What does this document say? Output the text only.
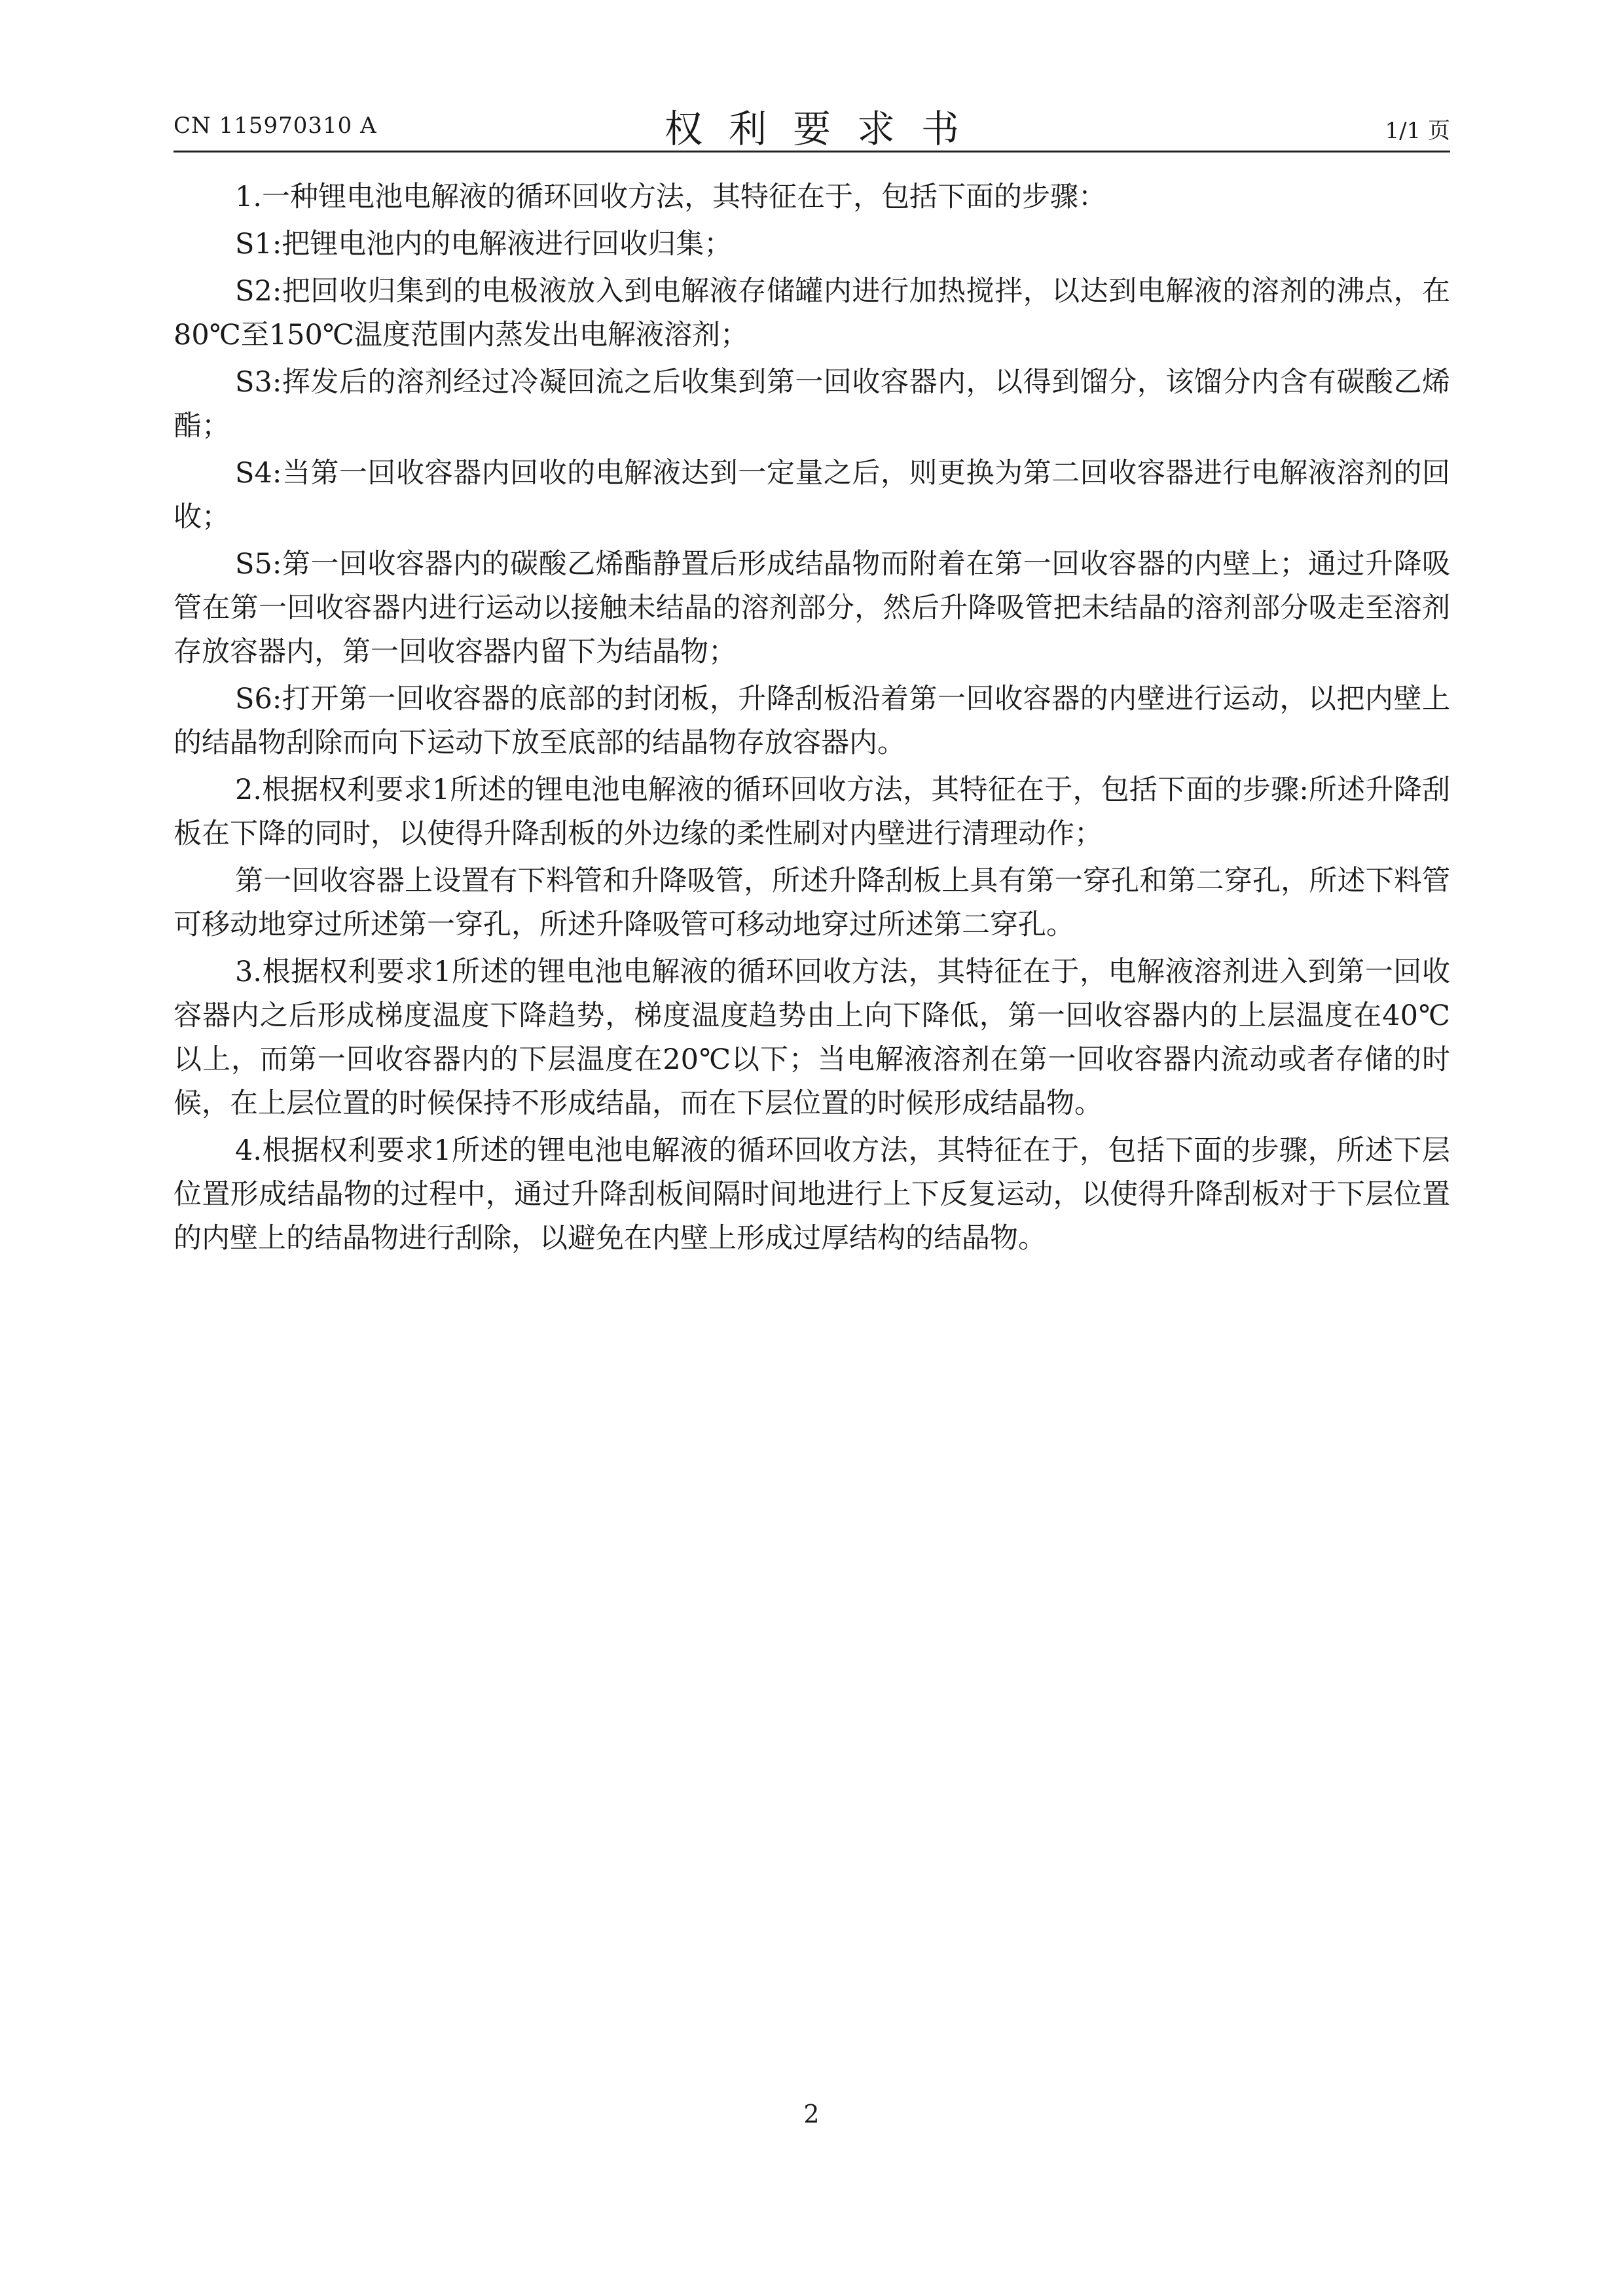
CN 115970310 A	权利要求书	1/1 页

1.一种锂电池电解液的循环回收方法，其特征在于，包括下面的步骤：

S1:把锂电池内的电解液进行回收归集；

S2:把回收归集到的电极液放入到电解液存储罐内进行加热搅拌，以达到电解液的溶剂的沸点，在80℃至150℃温度范围内蒸发出电解液溶剂；

S3:挥发后的溶剂经过冷凝回流之后收集到第一回收容器内，以得到馏分，该馏分内含有碳酸乙烯酯；

S4:当第一回收容器内回收的电解液达到一定量之后，则更换为第二回收容器进行电解液溶剂的回收；

S5:第一回收容器内的碳酸乙烯酯静置后形成结晶物而附着在第一回收容器的内壁上；通过升降吸管在第一回收容器内进行运动以接触未结晶的溶剂部分，然后升降吸管把未结晶的溶剂部分吸走至溶剂存放容器内，第一回收容器内留下为结晶物；

S6:打开第一回收容器的底部的封闭板，升降刮板沿着第一回收容器的内壁进行运动，以把内壁上的结晶物刮除而向下运动下放至底部的结晶物存放容器内。

2.根据权利要求1所述的锂电池电解液的循环回收方法，其特征在于，包括下面的步骤:所述升降刮板在下降的同时，以使得升降刮板的外边缘的柔性刷对内壁进行清理动作；

第一回收容器上设置有下料管和升降吸管，所述升降刮板上具有第一穿孔和第二穿孔，所述下料管可移动地穿过所述第一穿孔，所述升降吸管可移动地穿过所述第二穿孔。

3.根据权利要求1所述的锂电池电解液的循环回收方法，其特征在于，电解液溶剂进入到第一回收容器内之后形成梯度温度下降趋势，梯度温度趋势由上向下降低，第一回收容器内的上层温度在40℃以上，而第一回收容器内的下层温度在20℃以下；当电解液溶剂在第一回收容器内流动或者存储的时候，在上层位置的时候保持不形成结晶，而在下层位置的时候形成结晶物。

4.根据权利要求1所述的锂电池电解液的循环回收方法，其特征在于，包括下面的步骤，所述下层位置形成结晶物的过程中，通过升降刮板间隔时间地进行上下反复运动，以使得升降刮板对于下层位置的内壁上的结晶物进行刮除，以避免在内壁上形成过厚结构的结晶物。

2
